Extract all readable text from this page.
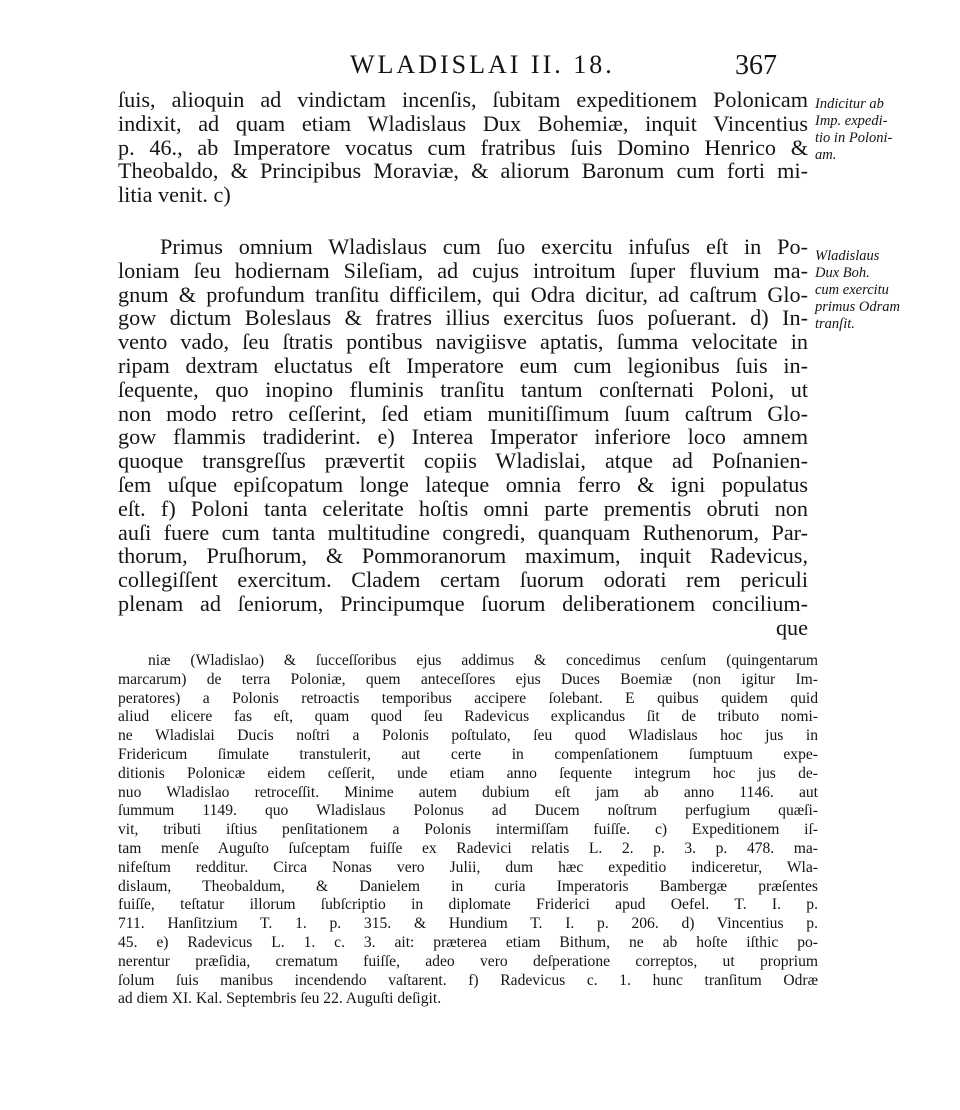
WLADISLAI II. 18.	367
ſuis, alioquin ad vindictam incenſis, ſubitam expeditionem Polonicam
indixit, ad quam etiam Wladislaus Dux Bohemiæ, inquit Vincentius
p. 46., ab Imperatore vocatus cum fratribus ſuis Domino Henrico &
Theobaldo, & Principibus Moraviæ, & aliorum Baronum cum forti mi-
litia venit. c)
Primus omnium Wladislaus cum ſuo exercitu infuſus eſt in Po-
loniam ſeu hodiernam Sileſiam, ad cujus introitum ſuper fluvium ma-
gnum & profundum tranſitu difficilem, qui Odra dicitur, ad caſtrum Glo-
gow dictum Boleslaus & fratres illius exercitus ſuos poſuerant. d) In-
vento vado, ſeu ſtratis pontibus navigiisve aptatis, ſumma velocitate in
ripam dextram eluctatus eſt Imperatore eum cum legionibus ſuis in-
ſequente, quo inopino fluminis tranſitu tantum conſternati Poloni, ut
non modo retro ceſſerint, ſed etiam munitiſſimum ſuum caſtrum Glo-
gow flammis tradiderint. e) Interea Imperator inferiore loco amnem
quoque transgreſſus prævertit copiis Wladislai, atque ad Poſnanien-
ſem uſque epiſcopatum longe lateque omnia ferro & igni populatus
eſt. f) Poloni tanta celeritate hoſtis omni parte prementis obruti non
auſi fuere cum tanta multitudine congredi, quanquam Ruthenorum, Par-
thorum, Pruſhorum, & Pommoranorum maximum, inquit Radevicus,
collegiſſent exercitum. Cladem certam ſuorum odorati rem periculi
plenam ad ſeniorum, Principumque ſuorum deliberationem concilium-
que
Indicitur ab
Imp. expedi-
tio in Poloni-
am.
Wladislaus
Dux Boh.
cum exercitu
primus Odram
tranſit.
niæ (Wladislao) & ſucceſſoribus ejus addimus & concedimus cenſum (quingentarum
marcarum) de terra Poloniæ, quem anteceſſores ejus Duces Boemiæ (non igitur Im-
peratores) a Polonis retroactis temporibus accipere ſolebant. E quibus quidem quid
aliud elicere fas eſt, quam quod ſeu Radevicus explicandus ſit de tributo nomi-
ne Wladislai Ducis noſtri a Polonis poſtulato, ſeu quod Wladislaus hoc jus in
Fridericum ſimulate transtulerit, aut certe in compenſationem ſumptuum expe-
ditionis Polonicæ eidem ceſſerit, unde etiam anno ſequente integrum hoc jus de-
nuo Wladislao retroceſſit. Minime autem dubium eſt jam ab anno 1146. aut
ſummum 1149. quo Wladislaus Polonus ad Ducem noſtrum perfugium quæſi-
vit, tributi iſtius penſitationem a Polonis intermiſſam fuiſſe. c) Expeditionem iſ-
tam menſe Auguſto ſuſceptam fuiſſe ex Radevici relatis L. 2. p. 3. p. 478. ma-
nifeſtum redditur. Circa Nonas vero Julii, dum hæc expeditio indiceretur, Wla-
dislaum, Theobaldum, & Danielem in curia Imperatoris Bambergæ præſentes
fuiſſe, teſtatur illorum ſubſcriptio in diplomate Friderici apud Oefel. T. I. p.
711. Hanſitzium T. 1. p. 315. & Hundium T. I. p. 206. d) Vincentius p.
45. e) Radevicus L. 1. c. 3. ait: præterea etiam Bithum, ne ab hoſte iſthic po-
nerentur præſidia, crematum fuiſſe, adeo vero deſperatione correptos, ut proprium
ſolum ſuis manibus incendendo vaſtarent. f) Radevicus c. 1. hunc tranſitum Odræ
ad diem XI. Kal. Septembris ſeu 22. Auguſti deſigit.
